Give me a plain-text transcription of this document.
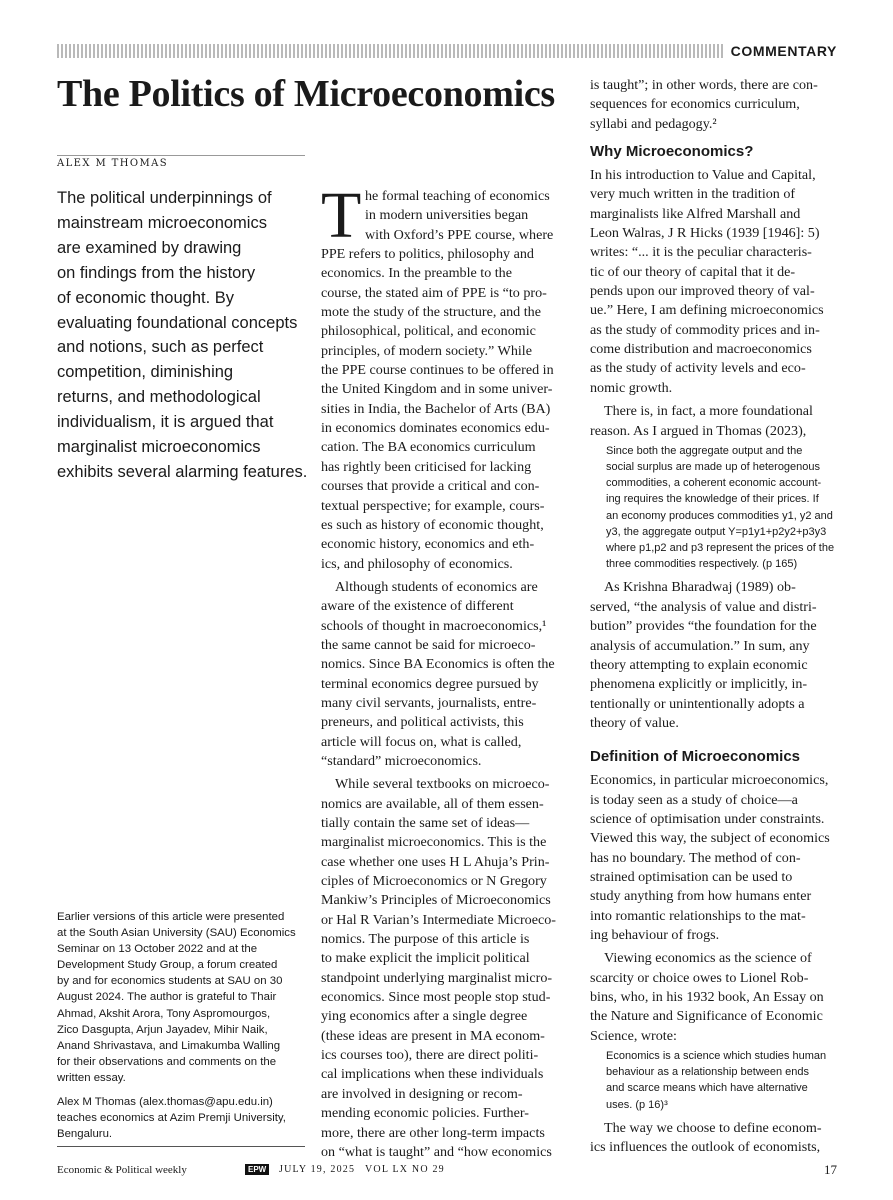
COMMENTARY
The Politics of Microeconomics
ALEX M THOMAS
The political underpinnings of
mainstream microeconomics
are examined by drawing
on findings from the history
of economic thought. By
evaluating foundational concepts
and notions, such as perfect
competition, diminishing
returns, and methodological
individualism, it is argued that
marginalist microeconomics
exhibits several alarming features.
Earlier versions of this article were presented
at the South Asian University (SAU) Economics
Seminar on 13 October 2022 and at the
Development Study Group, a forum created
by and for economics students at SAU on 30
August 2024. The author is grateful to Thair
Ahmad, Akshit Arora, Tony Aspromourgos,
Zico Dasgupta, Arjun Jayadev, Mihir Naik,
Anand Shrivastava, and Limakumba Walling
for their observations and comments on the
written essay.
Alex M Thomas (alex.thomas@apu.edu.in)
teaches economics at Azim Premji University,
Bengaluru.
T he formal teaching of economics
in modern universities began
with Oxford’s PPE course, where
PPE refers to politics, philosophy and
economics. In the preamble to the
course, the stated aim of PPE is “to pro-
mote the study of the structure, and the
philosophical, political, and economic
principles, of modern society.” While
the PPE course continues to be offered in
the United Kingdom and in some univer-
sities in India, the Bachelor of Arts (BA)
in economics dominates economics edu-
cation. The BA economics curriculum
has rightly been criticised for lacking
courses that provide a critical and con-
textual perspective; for example, cours-
es such as history of economic thought,
economic history, economics and eth-
ics, and philosophy of economics.
Although students of economics are
aware of the existence of different
schools of thought in macroeconomics,¹
the same cannot be said for microeco-
nomics. Since BA Economics is often the
terminal economics degree pursued by
many civil servants, journalists, entre-
preneurs, and political activists, this
article will focus on, what is called,
“standard” microeconomics.
While several textbooks on microeco-
nomics are available, all of them essen-
tially contain the same set of ideas—
marginalist microeconomics. This is the
case whether one uses H L Ahuja’s Prin-
ciples of Microeconomics or N Gregory
Mankiw’s Principles of Microeconomics
or Hal R Varian’s Intermediate Microeco-
nomics. The purpose of this article is
to make explicit the implicit political
standpoint underlying marginalist micro-
economics. Since most people stop stud-
ying economics after a single degree
(these ideas are present in MA econom-
ics courses too), there are direct politi-
cal implications when these individuals
are involved in designing or recom-
mending economic policies. Further-
more, there are other long-term impacts
on “what is taught” and “how economics
is taught”; in other words, there are con-
sequences for economics curriculum,
syllabi and pedagogy.²
Why Microeconomics?
In his introduction to Value and Capital,
very much written in the tradition of
marginalists like Alfred Marshall and
Leon Walras, J R Hicks (1939 [1946]: 5)
writes: “... it is the peculiar characteris-
tic of our theory of capital that it de-
pends upon our improved theory of val-
ue.” Here, I am defining microeconomics
as the study of commodity prices and in-
come distribution and macroeconomics
as the study of activity levels and eco-
nomic growth.
There is, in fact, a more foundational
reason. As I argued in Thomas (2023),
Since both the aggregate output and the
social surplus are made up of heterogenous
commodities, a coherent economic account-
ing requires the knowledge of their prices. If
an economy produces commodities y1, y2 and
y3, the aggregate output Y=p1y1+p2y2+p3y3
where p1,p2 and p3 represent the prices of the
three commodities respectively. (p 165)
As Krishna Bharadwaj (1989) ob-
served, “the analysis of value and distri-
bution” provides “the foundation for the
analysis of accumulation.” In sum, any
theory attempting to explain economic
phenomena explicitly or implicitly, in-
tentionally or unintentionally adopts a
theory of value.
Definition of Microeconomics
Economics, in particular microeconomics,
is today seen as a study of choice—a
science of optimisation under constraints.
Viewed this way, the subject of economics
has no boundary. The method of con-
strained optimisation can be used to
study anything from how humans enter
into romantic relationships to the mat-
ing behaviour of frogs.
Viewing economics as the science of
scarcity or choice owes to Lionel Rob-
bins, who, in his 1932 book, An Essay on
the Nature and Significance of Economic
Science, wrote:
Economics is a science which studies human
behaviour as a relationship between ends
and scarce means which have alternative
uses. (p 16)³
The way we choose to define econom-
ics influences the outlook of economists,
Economic & Political weekly	EPW	JULY 19, 2025 VOL LX NO 29	17
